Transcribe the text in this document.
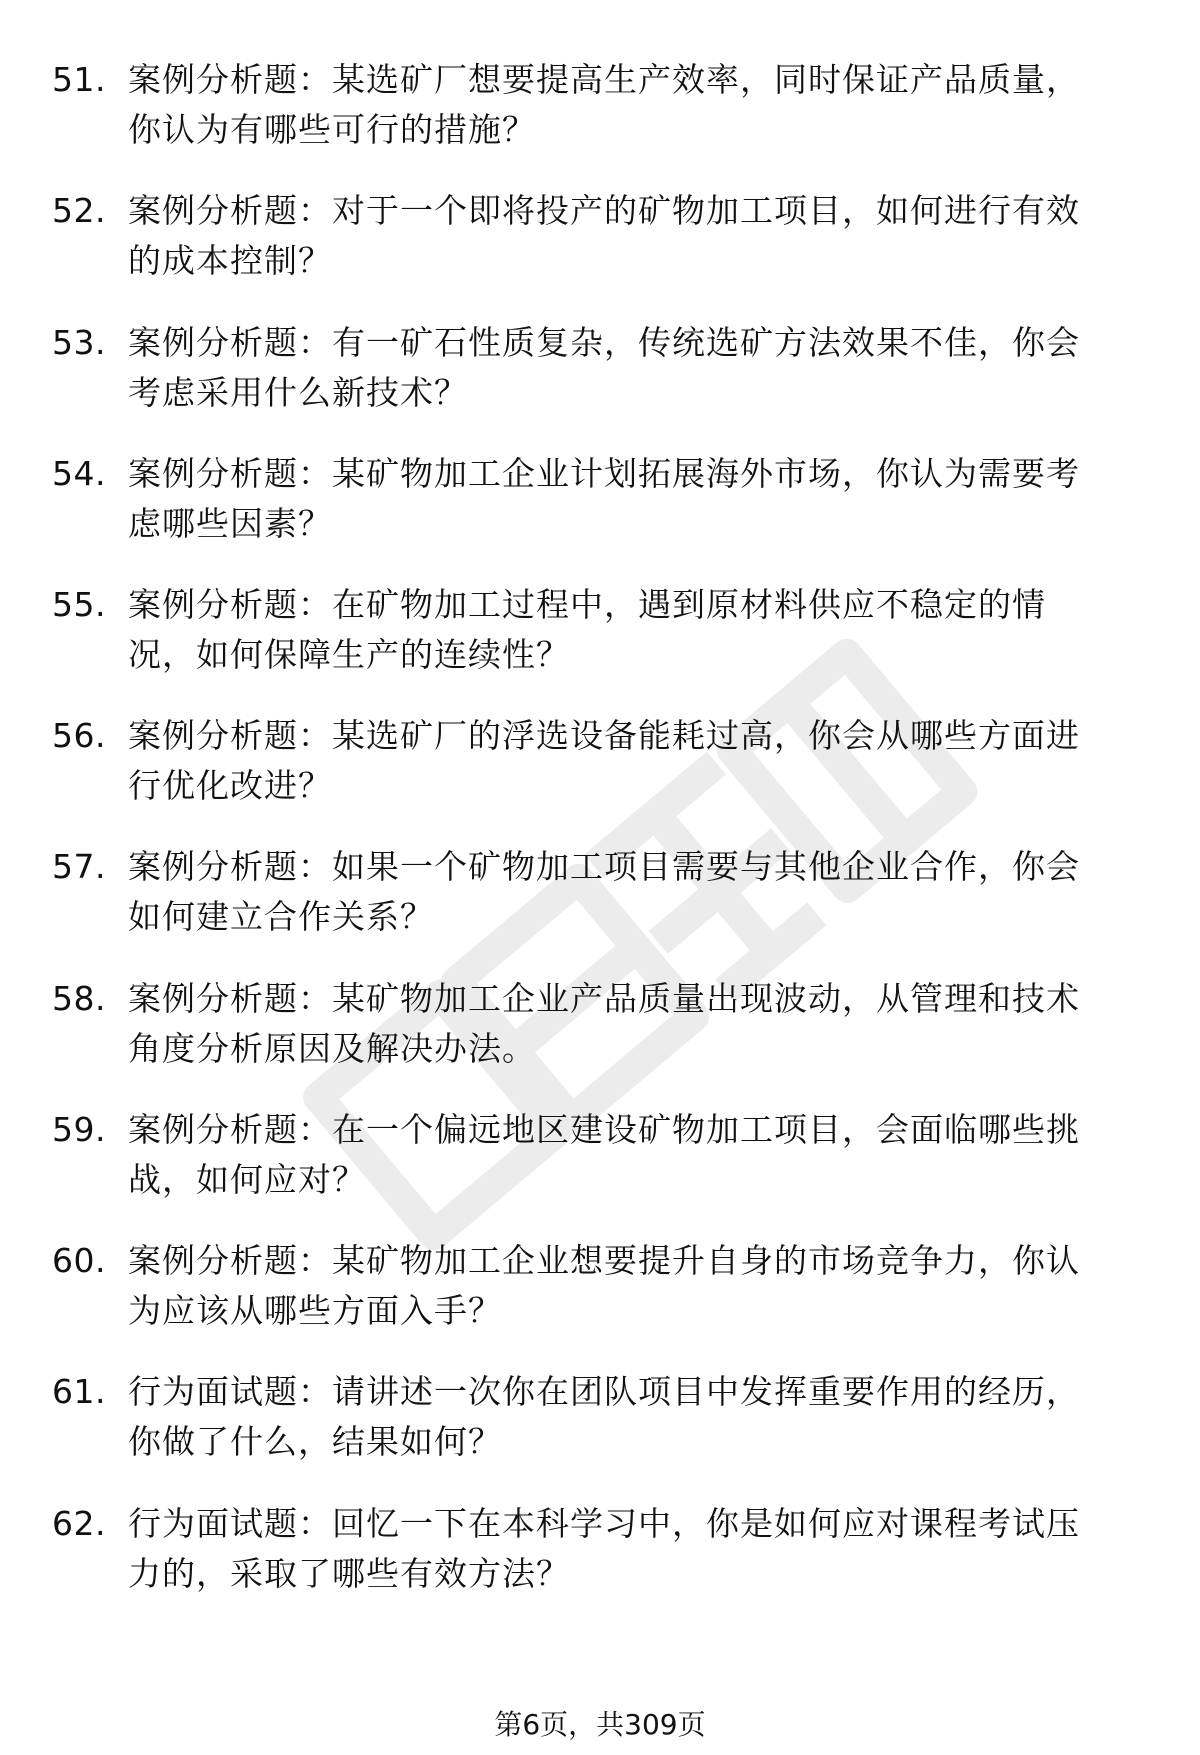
51. 案例分析题：某选矿厂想要提高生产效率，同时保证产品质量，
你认为有哪些可行的措施？
52. 案例分析题：对于一个即将投产的矿物加工项目，如何进行有效
的成本控制？
53. 案例分析题：有一矿石性质复杂，传统选矿方法效果不佳，你会
考虑采用什么新技术？
54. 案例分析题：某矿物加工企业计划拓展海外市场，你认为需要考
虑哪些因素？
55. 案例分析题：在矿物加工过程中，遇到原材料供应不稳定的情
况，如何保障生产的连续性？
56. 案例分析题：某选矿厂的浮选设备能耗过高，你会从哪些方面进
行优化改进？
57. 案例分析题：如果一个矿物加工项目需要与其他企业合作，你会
如何建立合作关系？
58. 案例分析题：某矿物加工企业产品质量出现波动，从管理和技术
角度分析原因及解决办法。
59. 案例分析题：在一个偏远地区建设矿物加工项目，会面临哪些挑
战，如何应对？
60. 案例分析题：某矿物加工企业想要提升自身的市场竞争力，你认
为应该从哪些方面入手？
61. 行为面试题：请讲述一次你在团队项目中发挥重要作用的经历，
你做了什么，结果如何？
62. 行为面试题：回忆一下在本科学习中，你是如何应对课程考试压
力的，采取了哪些有效方法？
第6页，共309页
